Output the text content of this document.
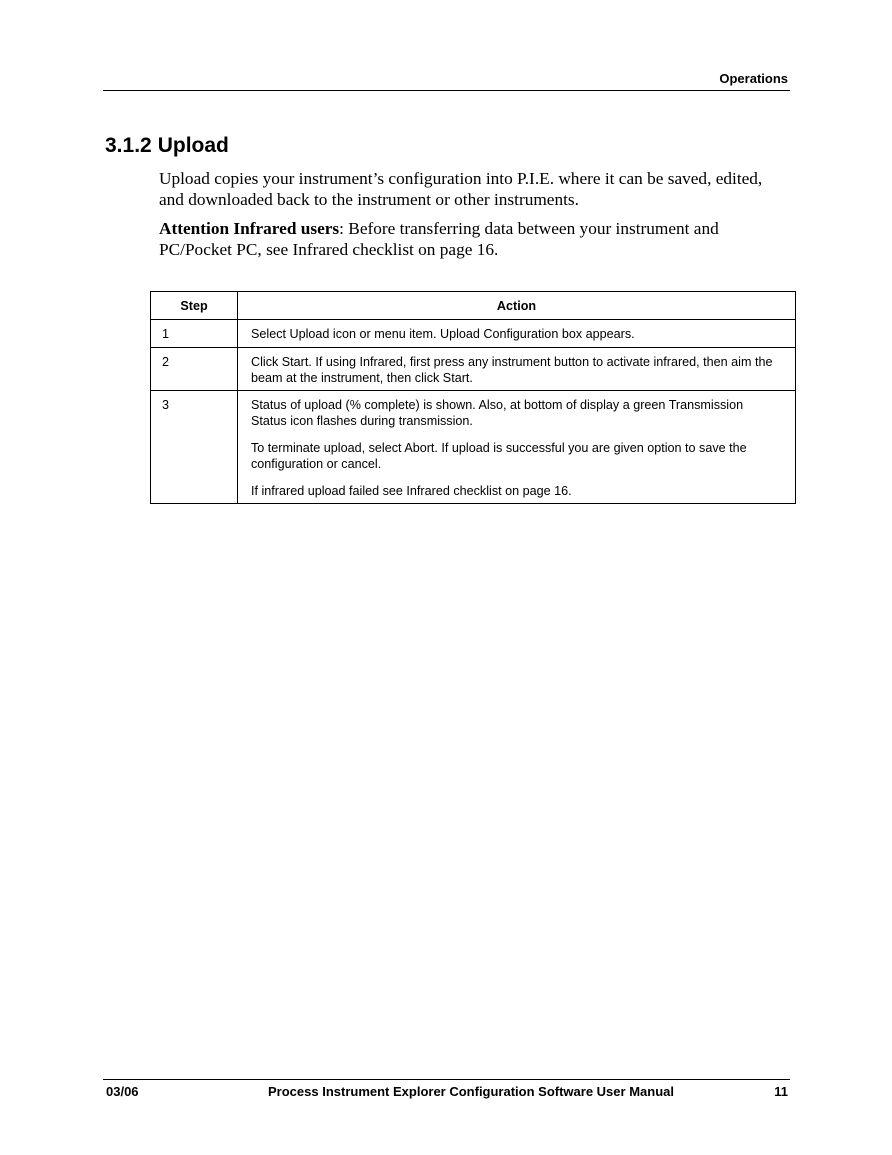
Operations
3.1.2 Upload

Upload copies your instrument’s configuration into P.I.E. where it can be saved, edited, and downloaded back to the instrument or other instruments.

Attention Infrared users: Before transferring data between your instrument and PC/Pocket PC, see Infrared checklist on page 16.

Step	Action
1	Select Upload icon or menu item. Upload Configuration box appears.

2	Click Start. If using Infrared, first press any instrument button to activate infrared, then aim the beam at the instrument, then click Start.

3	Status of upload (% complete) is shown. Also, at bottom of display a green Transmission Status icon flashes during transmission.

To terminate upload, select Abort. If upload is successful you are given option to save the configuration or cancel.

If infrared upload failed see Infrared checklist on page 16.

03/06	Process Instrument Explorer Configuration Software User Manual	11
